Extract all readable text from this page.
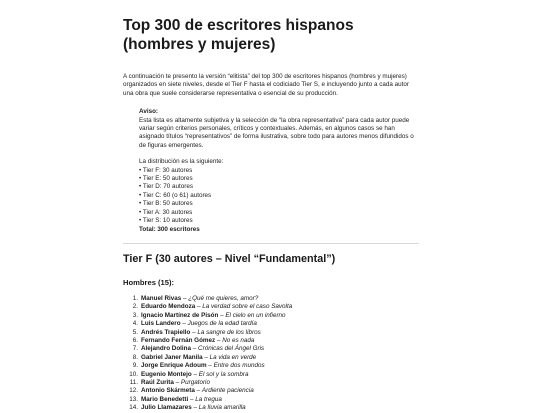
Top 300 de escritores hispanos (hombres y mujeres)

A continuación te presento la versión “elitista” del top 300 de escritores hispanos (hombres y mujeres) organizados en siete niveles, desde el Tier F hasta el codiciado Tier S, e incluyendo junto a cada autor una obra que suele considerarse representativa o esencial de su producción.

Aviso:
Esta lista es altamente subjetiva y la selección de “la obra representativa” para cada autor puede variar según criterios personales, críticos y contextuales. Además, en algunos casos se han asignado títulos “representativos” de forma ilustrativa, sobre todo para autores menos difundidos o de figuras emergentes.
La distribución es la siguiente:
• Tier F: 30 autores
• Tier E: 50 autores
• Tier D: 70 autores
• Tier C: 60 (o 61) autores
• Tier B: 50 autores
• Tier A: 30 autores
• Tier S: 10 autores
Total: 300 escritores
Tier F (30 autores – Nivel “Fundamental”)
Hombres (15):
1. Manuel Rivas – ¿Qué me quieres, amor?
2. Eduardo Mendoza – La verdad sobre el caso Savolta
3. Ignacio Martínez de Pisón – El cielo en un infierno
4. Luis Landero – Juegos de la edad tardía
5. Andrés Trapiello – La sangre de los libros
6. Fernando Fernán Gómez – No es nada
7. Alejandro Dolina – Crónicas del Ángel Gris
8. Gabriel Janer Manila – La vida en verde
9. Jorge Enrique Adoum – Entre dos mundos
10. Eugenio Montejo – El sol y la sombra
11. Raúl Zurita – Purgatorio
12. Antonio Skármeta – Ardiente paciencia
13. Mario Benedetti – La tregua
14. Julio Llamazares – La lluvia amarilla
